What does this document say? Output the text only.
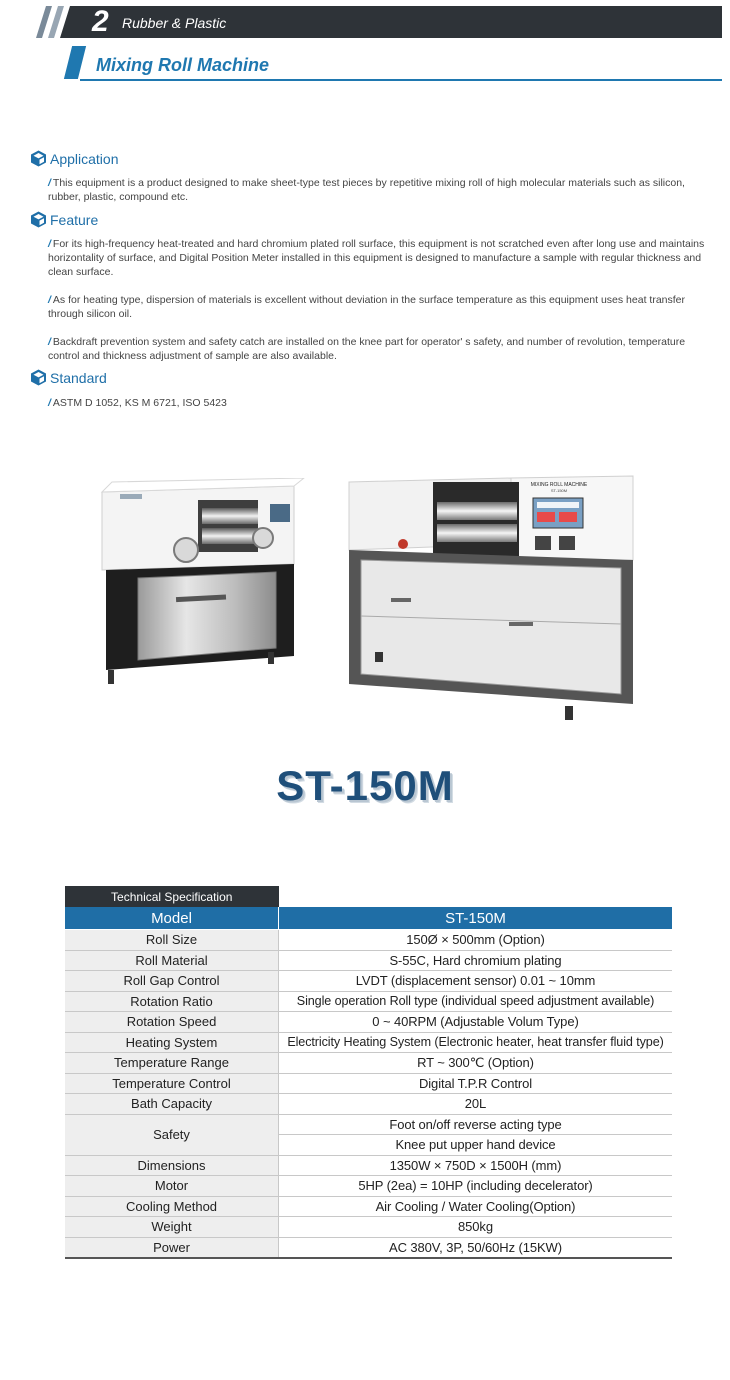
2 Rubber & Plastic
Mixing Roll Machine
Application
/ This equipment is a product designed to make sheet-type test pieces by repetitive mixing roll of high molecular materials such as silicon, rubber, plastic, compound etc.
Feature
/ For its high-frequency heat-treated and hard chromium plated roll surface, this equipment is not scratched even after long use and maintains horizontality of surface, and Digital Position Meter installed in this equipment is designed to manufacture a sample with regular thickness and clean surface.
/ As for heating type, dispersion of materials is excellent without deviation in the surface temperature as this equipment uses heat transfer through silicon oil.
/ Backdraft prevention system and safety catch are installed on the knee part for operator' s safety, and number of revolution, temperature control and thickness adjustment of sample are also available.
Standard
/ ASTM D 1052, KS M 6721, ISO 5423
MIXING ROLL MACHINE
ST-150M
ST-150M
Technical Specification	
Model	ST-150M
Roll Size	150Ø × 500mm (Option)
Roll Material	S-55C, Hard chromium plating
Roll Gap Control	LVDT (displacement sensor) 0.01 ~ 10mm
Rotation Ratio	Single operation Roll type (individual speed adjustment available)
Rotation Speed	0 ~ 40RPM (Adjustable Volum Type)
Heating System	Electricity Heating System (Electronic heater, heat transfer fluid type)
Temperature Range	RT ~ 300℃ (Option)
Temperature Control	Digital T.P.R Control
Bath Capacity	20L
Safety	Foot on/off reverse acting type
	Knee put upper hand device
Dimensions	1350W × 750D × 1500H (mm)
Motor	5HP (2ea) = 10HP (including decelerator)
Cooling Method	Air Cooling / Water Cooling(Option)
Weight	850kg
Power	AC 380V, 3P, 50/60Hz (15KW)
